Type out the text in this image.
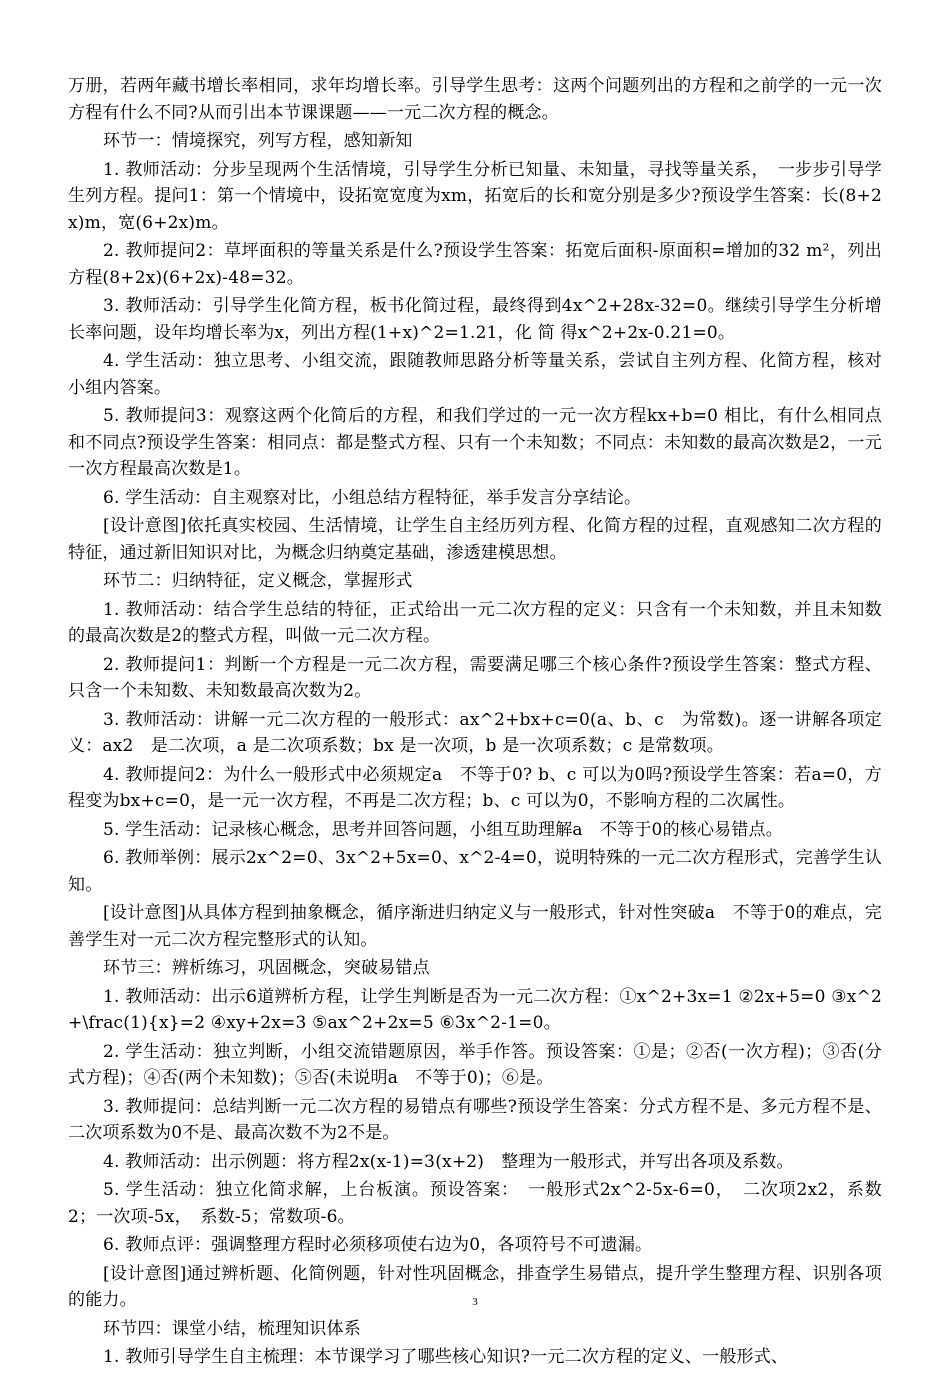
万册，若两年藏书增长率相同，求年均增长率。引导学生思考：这两个问题列出的方程和之前学的一元一次方程有什么不同?从而引出本节课课题——一元二次方程的概念。

环节一：情境探究，列写方程，感知新知

1. 教师活动：分步呈现两个生活情境，引导学生分析已知量、未知量，寻找等量关系，　一步步引导学生列方程。提问1：第一个情境中，设拓宽宽度为xm，拓宽后的长和宽分别是多少?预设学生答案：长(8+2x)m，宽(6+2x)m。

2. 教师提问2：草坪面积的等量关系是什么?预设学生答案：拓宽后面积-原面积=增加的32 m²，列出方程(8+2x)(6+2x)-48=32。

3. 教师活动：引导学生化简方程，板书化简过程，最终得到4x^2+28x-32=0。继续引导学生分析增长率问题，设年均增长率为x，列出方程(1+x)^2=1.21，化 简 得x^2+2x-0.21=0。

4. 学生活动：独立思考、小组交流，跟随教师思路分析等量关系，尝试自主列方程、化简方程，核对小组内答案。

5. 教师提问3：观察这两个化简后的方程，和我们学过的一元一次方程kx+b=0 相比，有什么相同点和不同点?预设学生答案：相同点：都是整式方程、只有一个未知数；不同点：未知数的最高次数是2，一元一次方程最高次数是1。

6. 学生活动：自主观察对比，小组总结方程特征，举手发言分享结论。

[设计意图]依托真实校园、生活情境，让学生自主经历列方程、化简方程的过程，直观感知二次方程的特征，通过新旧知识对比，为概念归纳奠定基础，渗透建模思想。

环节二：归纳特征，定义概念，掌握形式

1. 教师活动：结合学生总结的特征，正式给出一元二次方程的定义：只含有一个未知数，并且未知数的最高次数是2的整式方程，叫做一元二次方程。

2. 教师提问1：判断一个方程是一元二次方程，需要满足哪三个核心条件?预设学生答案：整式方程、只含一个未知数、未知数最高次数为2。

3. 教师活动：讲解一元二次方程的一般形式：ax^2+bx+c=0(a、b、c　为常数)。逐一讲解各项定义：ax2　是二次项，a 是二次项系数；bx 是一次项，b 是一次项系数；c 是常数项。

4. 教师提问2：为什么一般形式中必须规定a　不等于0? b、c 可以为0吗?预设学生答案：若a=0，方程变为bx+c=0，是一元一次方程，不再是二次方程；b、c 可以为0，不影响方程的二次属性。

5. 学生活动：记录核心概念，思考并回答问题，小组互助理解a　不等于0的核心易错点。

6. 教师举例：展示2x^2=0、3x^2+5x=0、x^2-4=0，说明特殊的一元二次方程形式，完善学生认知。

[设计意图]从具体方程到抽象概念，循序渐进归纳定义与一般形式，针对性突破a　不等于0的难点，完善学生对一元二次方程完整形式的认知。

环节三：辨析练习，巩固概念，突破易错点

1. 教师活动：出示6道辨析方程，让学生判断是否为一元二次方程：①x^2+3x=1 ②2x+5=0 ③x^2+\frac(1){x}=2 ④xy+2x=3 ⑤ax^2+2x=5 ⑥3x^2-1=0。

2. 学生活动：独立判断，小组交流错题原因，举手作答。预设答案：①是；②否(一次方程)；③否(分式方程)；④否(两个未知数)；⑤否(未说明a　不等于0)；⑥是。

3. 教师提问：总结判断一元二次方程的易错点有哪些?预设学生答案：分式方程不是、多元方程不是、二次项系数为0不是、最高次数不为2不是。

4. 教师活动：出示例题：将方程2x(x-1)=3(x+2)　整理为一般形式，并写出各项及系数。

5. 学生活动：独立化简求解，上台板演。预设答案：　一般形式2x^2-5x-6=0，　二次项2x2，系数2；一次项-5x，　系数-5；常数项-6。

6. 教师点评：强调整理方程时必须移项使右边为0，各项符号不可遗漏。

[设计意图]通过辨析题、化简例题，针对性巩固概念，排查学生易错点，提升学生整理方程、识别各项的能力。

环节四：课堂小结，梳理知识体系

1. 教师引导学生自主梳理：本节课学习了哪些核心知识?一元二次方程的定义、一般形式、

3
